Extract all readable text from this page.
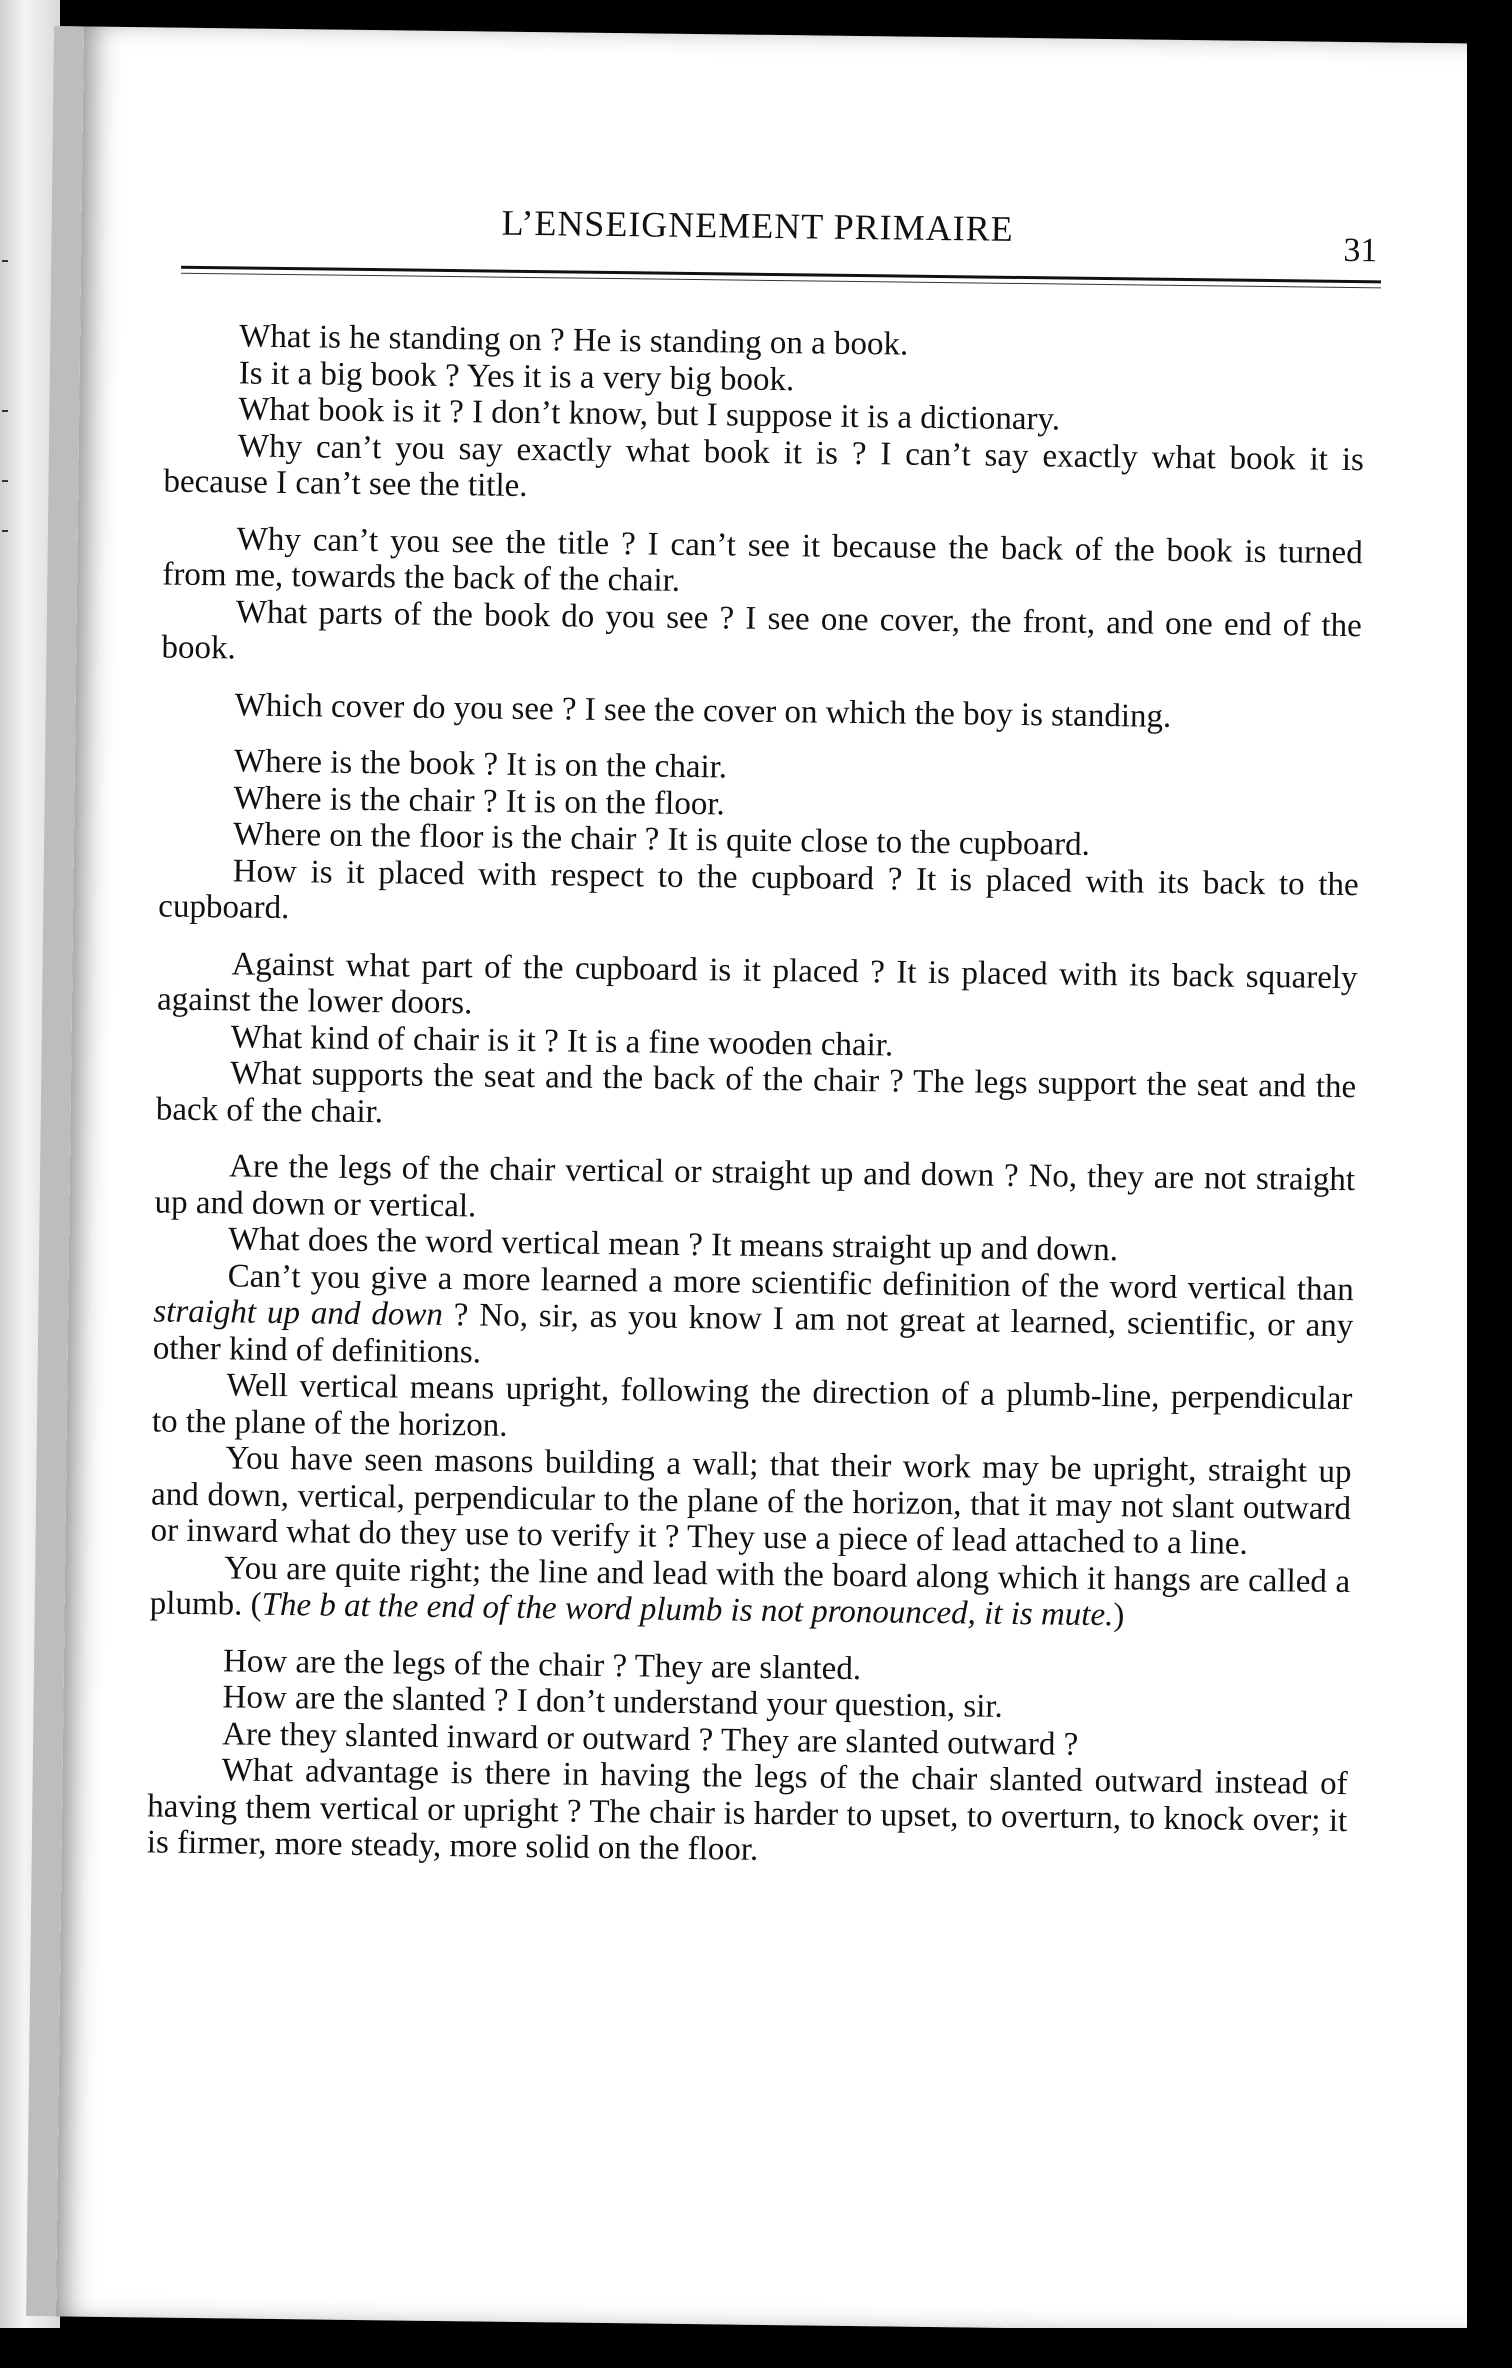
L’ENSEIGNEMENT PRIMAIRE
31

What is he standing on ? He is standing on a book.

Is it a big book ? Yes it is a very big book.

What book is it ? I don’t know, but I suppose it is a dictionary.

Why can’t you say exactly what book it is ? I can’t say exactly what book it is because I can’t see the title.

Why can’t you see the title ? I can’t see it because the back of the book is turned from me, towards the back of the chair.

What parts of the book do you see ? I see one cover, the front, and one end of the book.

Which cover do you see ? I see the cover on which the boy is standing.

Where is the book ? It is on the chair.

Where is the chair ? It is on the floor.

Where on the floor is the chair ? It is quite close to the cupboard.

How is it placed with respect to the cupboard ? It is placed with its back to the cupboard.

Against what part of the cupboard is it placed ? It is placed with its back squarely against the lower doors.

What kind of chair is it ? It is a fine wooden chair.

What supports the seat and the back of the chair ? The legs support the seat and the back of the chair.

Are the legs of the chair vertical or straight up and down ? No, they are not straight up and down or vertical.

What does the word vertical mean ? It means straight up and down.

Can’t you give a more learned a more scientific definition of the word vertical than straight up and down ? No, sir, as you know I am not great at learned, scientific, or any other kind of definitions.

Well vertical means upright, following the direction of a plumb-line, perpendicular to the plane of the horizon.

You have seen masons building a wall; that their work may be upright, straight up and down, vertical, perpendicular to the plane of the horizon, that it may not slant outward or inward what do they use to verify it ? They use a piece of lead attached to a line.

You are quite right; the line and lead with the board along which it hangs are called a plumb. (The b at the end of the word plumb is not pronounced, it is mute.)

How are the legs of the chair ? They are slanted.

How are the slanted ? I don’t understand your question, sir.

Are they slanted inward or outward ? They are slanted outward ?

What advantage is there in having the legs of the chair slanted outward instead of having them vertical or upright ? The chair is harder to upset, to overturn, to knock over; it is firmer, more steady, more solid on the floor.
